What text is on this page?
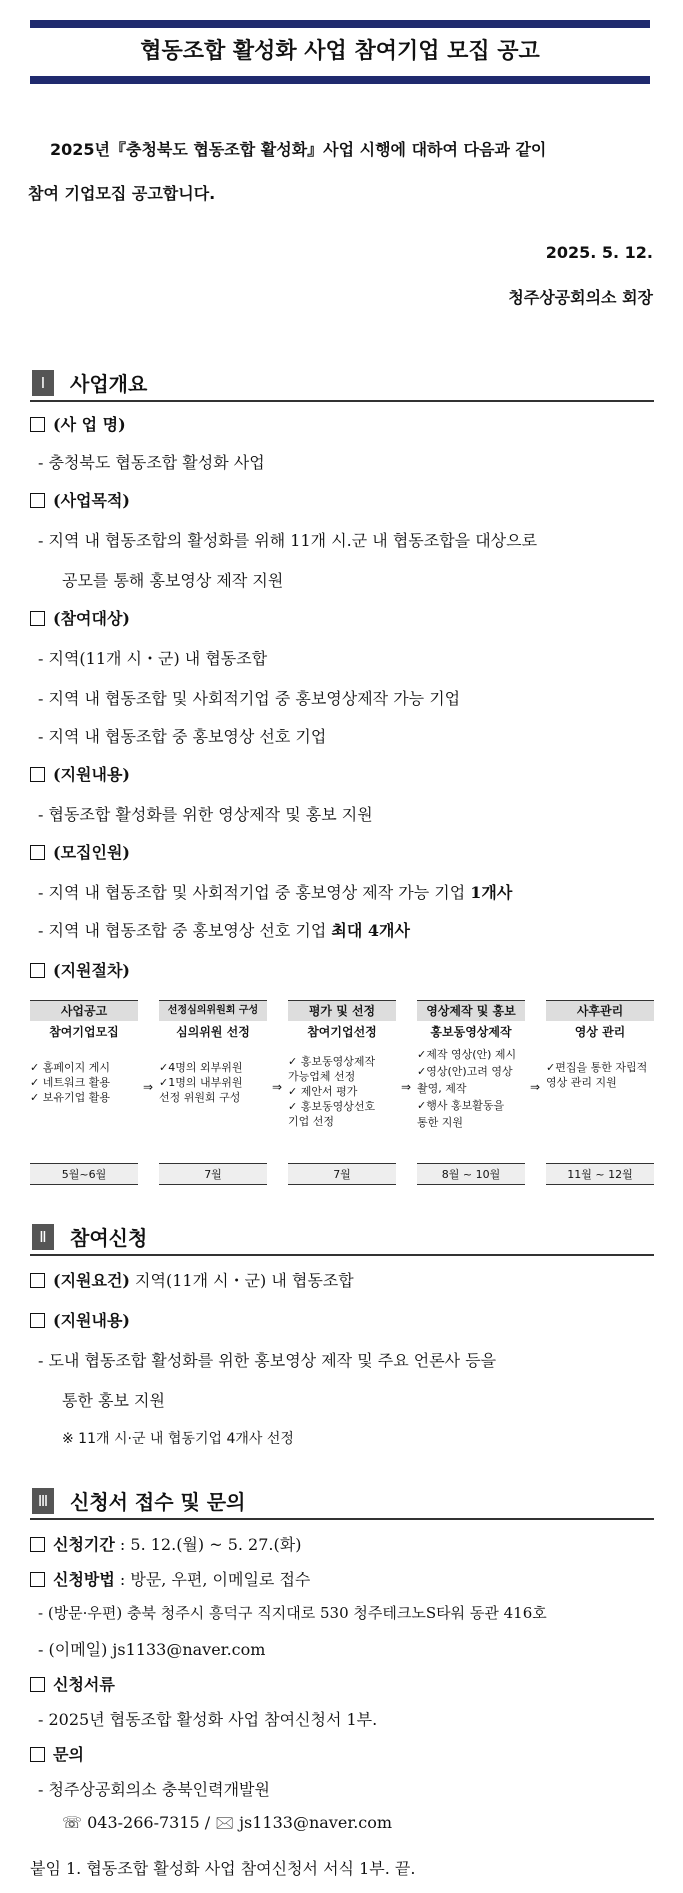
협동조합 활성화 사업 참여기업 모집 공고
2025년『충청북도 협동조합 활성화』사업 시행에 대하여 다음과 같이
참여 기업모집 공고합니다.
2025. 5. 12.
청주상공회의소 회장
Ⅰ	사업개요
(사 업 명)
- 충청북도 협동조합 활성화 사업
(사업목적)
- 지역 내 협동조합의 활성화를 위해 11개 시.군 내 협동조합을 대상으로
공모를 통해 홍보영상 제작 지원
(참여대상)
- 지역(11개 시・군) 내 협동조합
- 지역 내 협동조합 및 사회적기업 중 홍보영상제작 가능 기업
- 지역 내 협동조합 중 홍보영상 선호 기업
(지원내용)
- 협동조합 활성화를 위한 영상제작 및 홍보 지원
(모집인원)
- 지역 내 협동조합 및 사회적기업 중 홍보영상 제작 가능 기업 1개사
- 지역 내 협동조합 중 홍보영상 선호 기업 최대 4개사
(지원절차)
사업공고
참여기업모집
✓ 홈페이지 게시
✓ 네트워크 활용
✓ 보유기업 활용
5월~6월
⇒
선정심의위원회 구성
심의위원 선정
✓4명의 외부위원
✓1명의 내부위원
선정 위원회 구성
7월
⇒
평가 및 선정
참여기업선정
✓ 홍보동영상제작
가능업체 선정
✓ 제안서 평가
✓ 홍보동영상선호
기업 선정
7월
⇒
영상제작 및 홍보
홍보동영상제작
✓제작 영상(안) 제시
✓영상(안)고려 영상
촬영, 제작
✓행사 홍보활동을
통한 지원
8월 ~ 10월
⇒
사후관리
영상 관리
✓편집을 통한 자립적
영상 관리 지원
11월 ~ 12월
Ⅱ	참여신청
(지원요건) 지역(11개 시・군) 내 협동조합
(지원내용)
- 도내 협동조합 활성화를 위한 홍보영상 제작 및 주요 언론사 등을
통한 홍보 지원
※ 11개 시·군 내 협동기업 4개사 선정
Ⅲ 신청서 접수 및 문의
신청기간 : 5. 12.(월) ~ 5. 27.(화)
신청방법 : 방문, 우편, 이메일로 접수
- (방문·우편) 충북 청주시 흥덕구 직지대로 530 청주테크노S타워 동관 416호
- (이메일) js1133@naver.com
신청서류
- 2025년 협동조합 활성화 사업 참여신청서 1부.
문의
- 청주상공회의소 충북인력개발원
☏ 043-266-7315 / 🖂 js1133@naver.com
붙임 1. 협동조합 활성화 사업 참여신청서 서식 1부. 끝.
